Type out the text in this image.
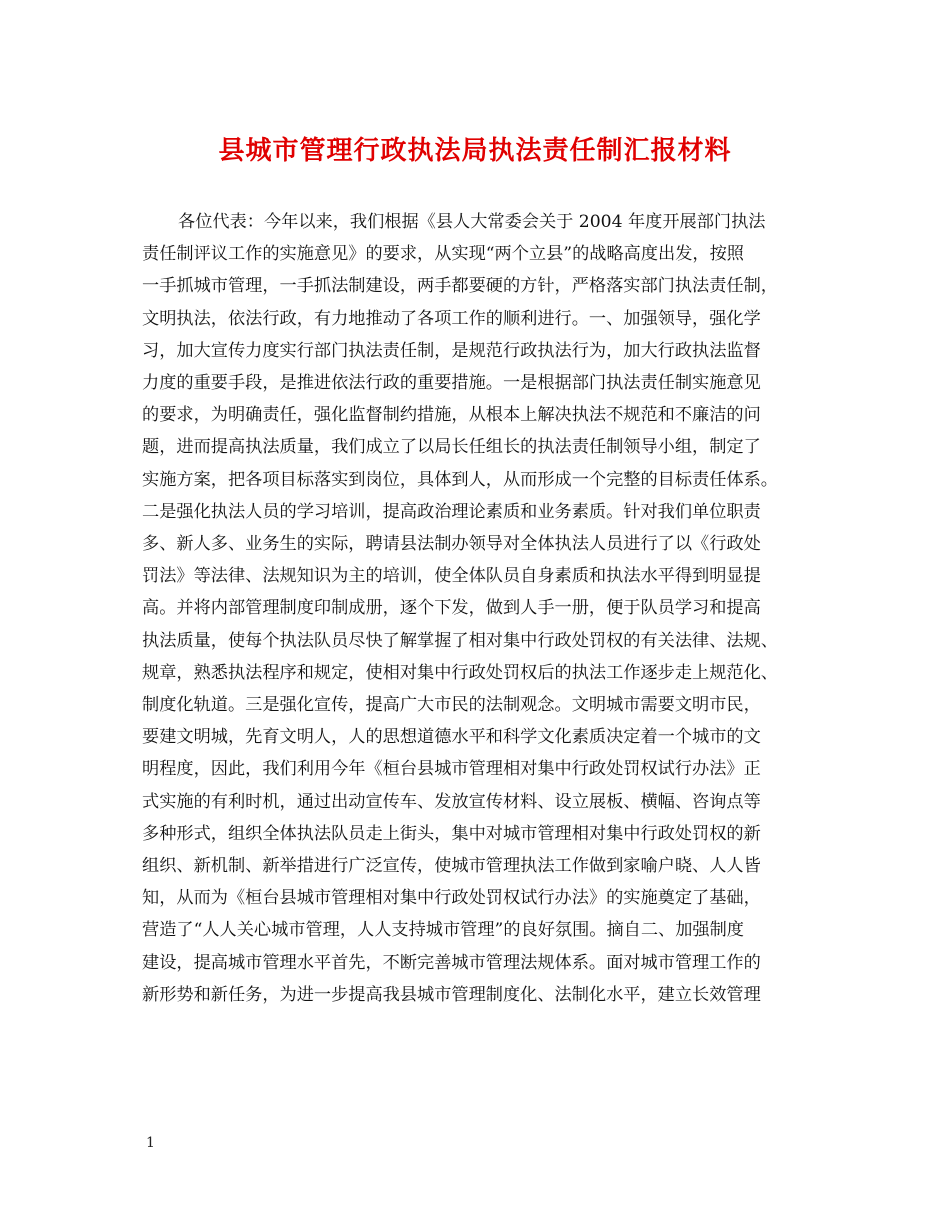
县城市管理行政执法局执法责任制汇报材料
各位代表：今年以来，我们根据《县人大常委会关于 2004 年度开展部门执法
责任制评议工作的实施意见》的要求，从实现“两个立县”的战略高度出发，按照
一手抓城市管理，一手抓法制建设，两手都要硬的方针，严格落实部门执法责任制，
文明执法，依法行政，有力地推动了各项工作的顺利进行。一、加强领导，强化学
习，加大宣传力度实行部门执法责任制，是规范行政执法行为，加大行政执法监督
力度的重要手段，是推进依法行政的重要措施。一是根据部门执法责任制实施意见
的要求，为明确责任，强化监督制约措施，从根本上解决执法不规范和不廉洁的问
题，进而提高执法质量，我们成立了以局长任组长的执法责任制领导小组，制定了
实施方案，把各项目标落实到岗位，具体到人，从而形成一个完整的目标责任体系。
二是强化执法人员的学习培训，提高政治理论素质和业务素质。针对我们单位职责
多、新人多、业务生的实际，聘请县法制办领导对全体执法人员进行了以《行政处
罚法》等法律、法规知识为主的培训，使全体队员自身素质和执法水平得到明显提
高。并将内部管理制度印制成册，逐个下发，做到人手一册，便于队员学习和提高
执法质量，使每个执法队员尽快了解掌握了相对集中行政处罚权的有关法律、法规、
规章，熟悉执法程序和规定，使相对集中行政处罚权后的执法工作逐步走上规范化、
制度化轨道。三是强化宣传，提高广大市民的法制观念。文明城市需要文明市民，
要建文明城，先育文明人，人的思想道德水平和科学文化素质决定着一个城市的文
明程度，因此，我们利用今年《桓台县城市管理相对集中行政处罚权试行办法》正
式实施的有利时机，通过出动宣传车、发放宣传材料、设立展板、横幅、咨询点等
多种形式，组织全体执法队员走上街头，集中对城市管理相对集中行政处罚权的新
组织、新机制、新举措进行广泛宣传，使城市管理执法工作做到家喻户晓、人人皆
知，从而为《桓台县城市管理相对集中行政处罚权试行办法》的实施奠定了基础，
营造了“人人关心城市管理，人人支持城市管理”的良好氛围。摘自二、加强制度
建设，提高城市管理水平首先，不断完善城市管理法规体系。面对城市管理工作的
新形势和新任务，为进一步提高我县城市管理制度化、法制化水平，建立长效管理
1
